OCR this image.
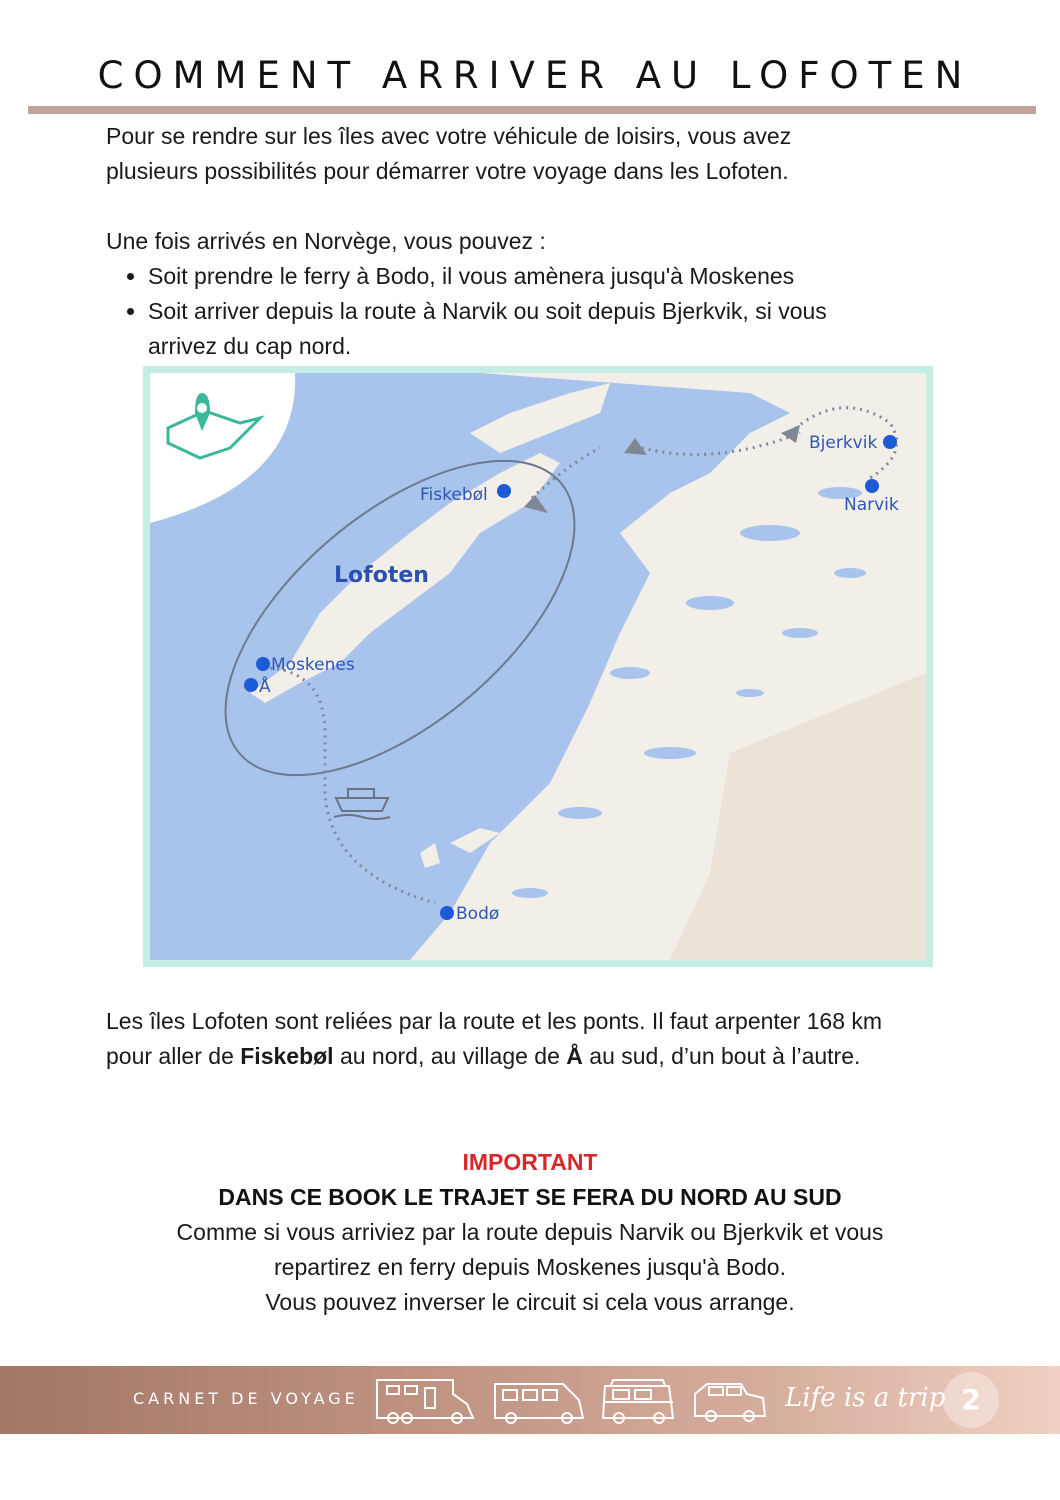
COMMENT ARRIVER AU LOFOTEN

Pour se rendre sur les îles avec votre véhicule de loisirs, vous avez

plusieurs possibilités pour démarrer votre voyage dans les Lofoten.

Une fois arrivés en Norvège, vous pouvez :

• Soit prendre le ferry à Bodo, il vous amènera jusqu'à Moskenes
• Soit arriver depuis la route à Narvik ou soit depuis Bjerkvik, si vous arrivez du cap nord.
Bjerkvik
Narvik
Fiskebøl
Lofoten
Moskenes
Å
Bodø

Les îles Lofoten sont reliées par la route et les ponts. Il faut arpenter 168 km

pour aller de Fiskebøl au nord, au village de Å au sud, d’un bout à l’autre.

IMPORTANT
DANS CE BOOK LE TRAJET SE FERA DU NORD AU SUD
Comme si vous arriviez par la route depuis Narvik ou Bjerkvik et vous
repartirez en ferry depuis Moskenes jusqu'à Bodo.
Vous pouvez inverser le circuit si cela vous arrange.
CARNET DE VOYAGE	Life is a trip 2
